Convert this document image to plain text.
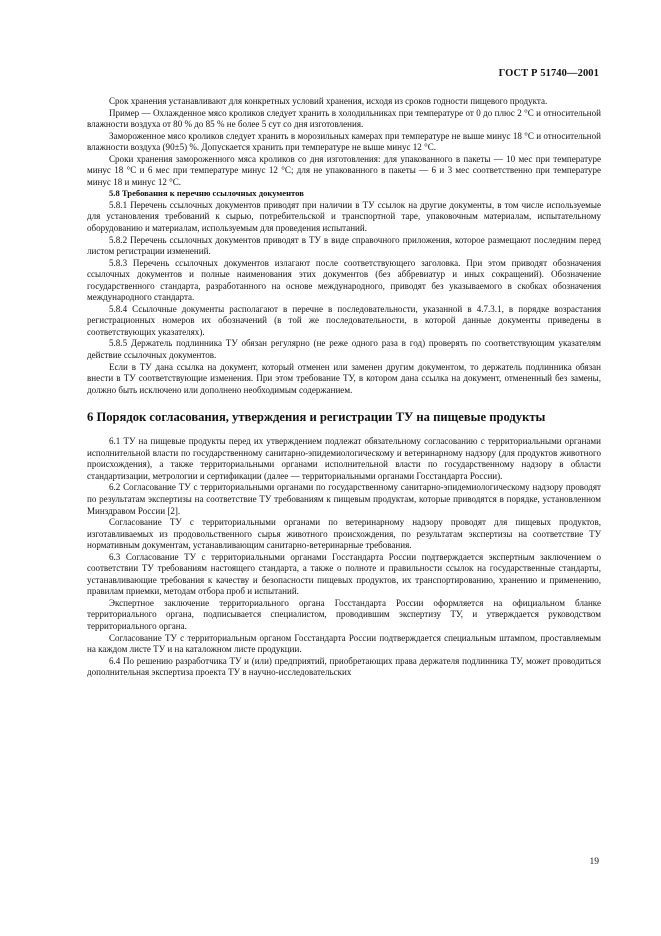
ГОСТ Р 51740—2001

Срок хранения устанавливают для конкретных условий хранения, исходя из сроков годности пищевого продукта.

Пример — Охлажденное мясо кроликов следует хранить в холодильниках при температуре от 0 до плюс 2 °С и относительной влажности воздуха от 80 % до 85 % не более 5 сут со дня изготовления.

Замороженное мясо кроликов следует хранить в морозильных камерах при температуре не выше минус 18 °С и относительной влажности воздуха (90±5) %. Допускается хранить при температуре не выше минус 12 °С.

Сроки хранения замороженного мяса кроликов со дня изготовления: для упакованного в пакеты — 10 мес при температуре минус 18 °С и 6 мес при температуре минус 12 °С; для не упакованного в пакеты — 6 и 3 мес соответственно при температуре минус 18 и минус 12 °С.

5.8 Требования к перечню ссылочных документов

5.8.1 Перечень ссылочных документов приводят при наличии в ТУ ссылок на другие документы, в том числе используемые для установления требований к сырью, потребительской и транспортной таре, упаковочным материалам, испытательному оборудованию и материалам, используемым для проведения испытаний.

5.8.2 Перечень ссылочных документов приводят в ТУ в виде справочного приложения, которое размещают последним перед листом регистрации изменений.

5.8.3 Перечень ссылочных документов излагают после соответствующего заголовка. При этом приводят обозначения ссылочных документов и полные наименования этих документов (без аббревиатур и иных сокращений). Обозначение государственного стандарта, разработанного на основе международного, приводят без указываемого в скобках обозначения международного стандарта.

5.8.4 Ссылочные документы располагают в перечне в последовательности, указанной в 4.7.3.1, в порядке возрастания регистрационных номеров их обозначений (в той же последовательности, в которой данные документы приведены в соответствующих указателях).

5.8.5 Держатель подлинника ТУ обязан регулярно (не реже одного раза в год) проверять по соответствующим указателям действие ссылочных документов.

Если в ТУ дана ссылка на документ, который отменен или заменен другим документом, то держатель подлинника обязан внести в ТУ соответствующие изменения. При этом требование ТУ, в котором дана ссылка на документ, отмененный без замены, должно быть исключено или дополнено необходимым содержанием.

6 Порядок согласования, утверждения и регистрации ТУ на пищевые продукты

6.1 ТУ на пищевые продукты перед их утверждением подлежат обязательному согласованию с территориальными органами исполнительной власти по государственному санитарно-эпидемиологическому и ветеринарному надзору (для продуктов животного происхождения), а также территориальными органами исполнительной власти по государственному надзору в области стандартизации, метрологии и сертификации (далее — территориальными органами Госстандарта России).

6.2 Согласование ТУ с территориальными органами по государственному санитарно-эпидемиологическому надзору проводят по результатам экспертизы на соответствие ТУ требованиям к пищевым продуктам, которые приводятся в порядке, установленном Минздравом России [2].

Согласование ТУ с территориальными органами по ветеринарному надзору проводят для пищевых продуктов, изготавливаемых из продовольственного сырья животного происхождения, по результатам экспертизы на соответствие ТУ нормативным документам, устанавливающим санитарно-ветеринарные требования.

6.3 Согласование ТУ с территориальными органами Госстандарта России подтверждается экспертным заключением о соответствии ТУ требованиям настоящего стандарта, а также о полноте и правильности ссылок на государственные стандарты, устанавливающие требования к качеству и безопасности пищевых продуктов, их транспортированию, хранению и применению, правилам приемки, методам отбора проб и испытаний.

Экспертное заключение территориального органа Госстандарта России оформляется на официальном бланке территориального органа, подписывается специалистом, проводившим экспертизу ТУ, и утверждается руководством территориального органа.

Согласование ТУ с территориальным органом Госстандарта России подтверждается специальным штампом, проставляемым на каждом листе ТУ и на каталожном листе продукции.

6.4 По решению разработчика ТУ и (или) предприятий, приобретающих права держателя подлинника ТУ, может проводиться дополнительная экспертиза проекта ТУ в научно-исследовательских

19
